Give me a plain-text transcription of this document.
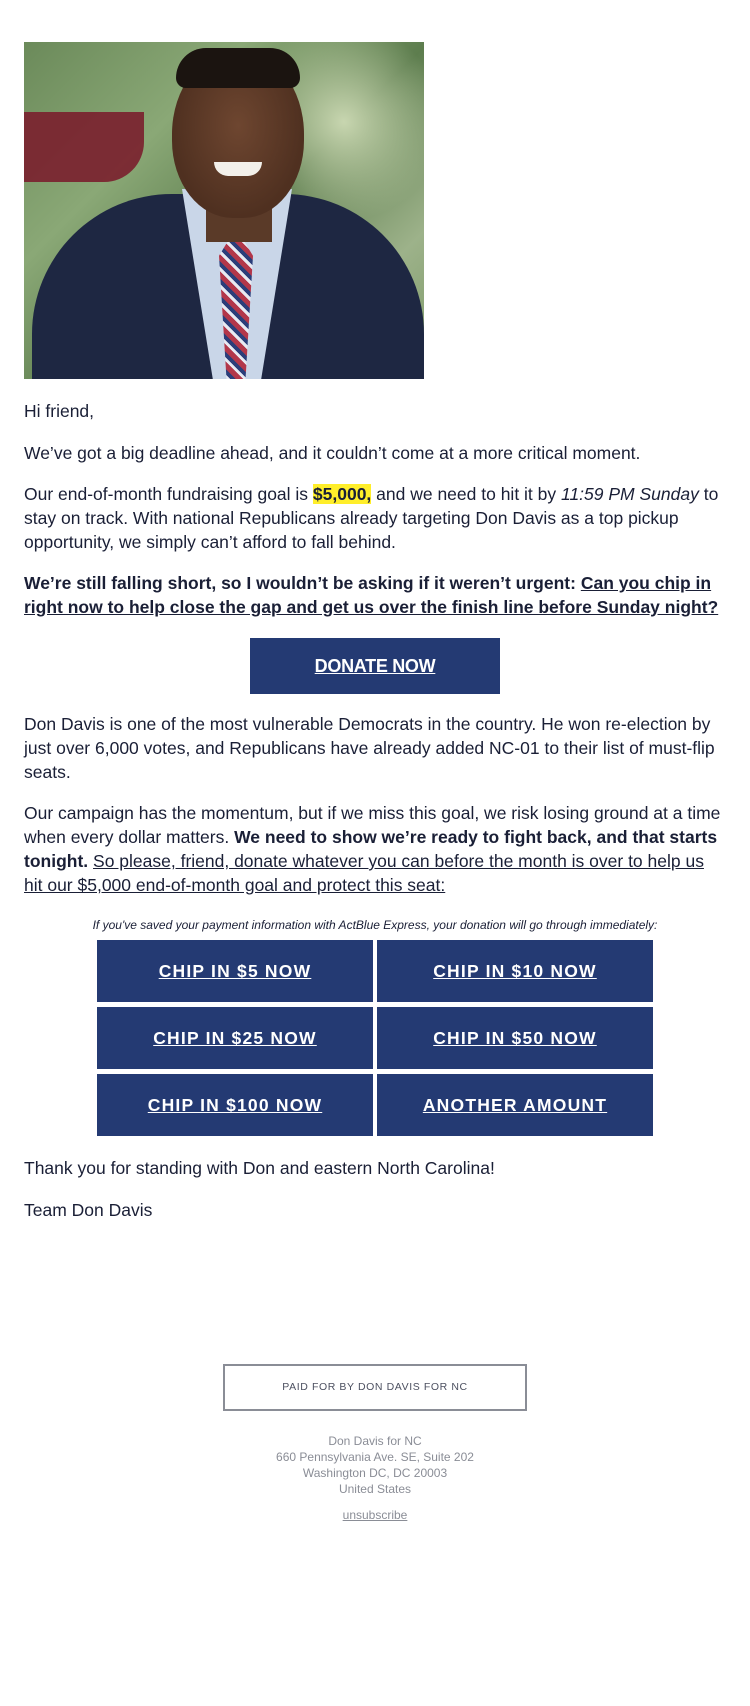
Hi friend,

We’ve got a big deadline ahead, and it couldn’t come at a more critical moment.

Our end-of-month fundraising goal is $5,000, and we need to hit it by 11:59 PM Sunday to stay on track. With national Republicans already targeting Don Davis as a top pickup opportunity, we simply can’t afford to fall behind.

We’re still falling short, so I wouldn’t be asking if it weren’t urgent: Can you chip in right now to help close the gap and get us over the finish line before Sunday night?

DONATE NOW

Don Davis is one of the most vulnerable Democrats in the country. He won re-election by just over 6,000 votes, and Republicans have already added NC-01 to their list of must-flip seats.

Our campaign has the momentum, but if we miss this goal, we risk losing ground at a time when every dollar matters. We need to show we’re ready to fight back, and that starts tonight. So please, friend, donate whatever you can before the month is over to help us hit our $5,000 end-of-month goal and protect this seat:

If you've saved your payment information with ActBlue Express, your donation will go through immediately:
CHIP IN $5 NOW	CHIP IN $10 NOW
CHIP IN $25 NOW	CHIP IN $50 NOW
CHIP IN $100 NOW	ANOTHER AMOUNT

Thank you for standing with Don and eastern North Carolina!

Team Don Davis

PAID FOR BY DON DAVIS FOR NC
Don Davis for NC
660 Pennsylvania Ave. SE, Suite 202
Washington DC, DC 20003
United States
unsubscribe
